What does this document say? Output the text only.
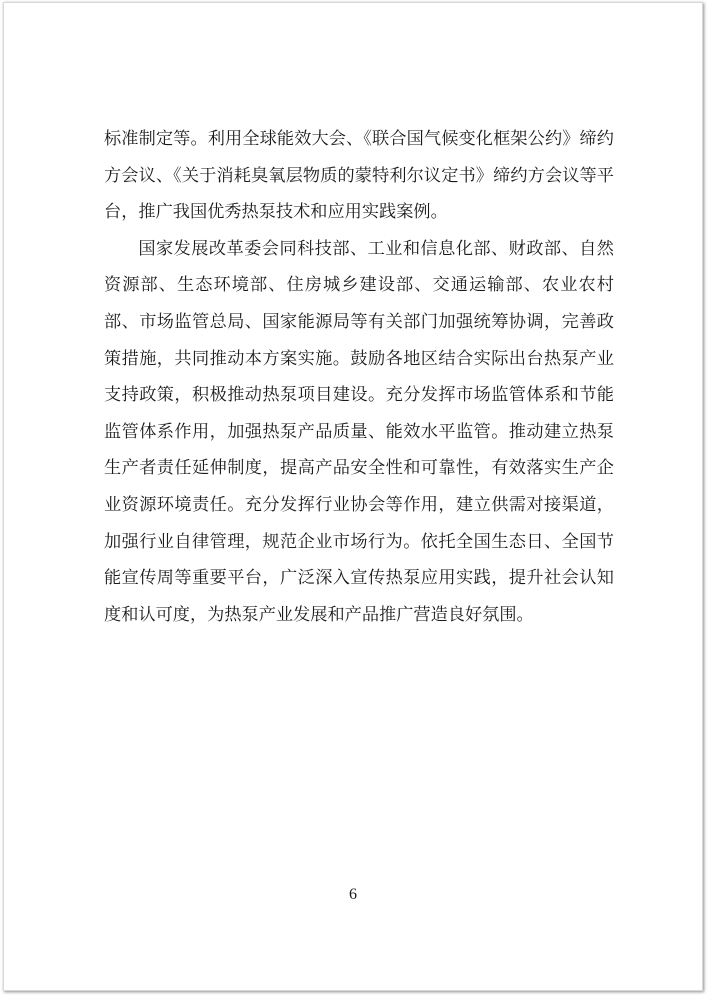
标准制定等。利用全球能效大会、《联合国气候变化框架公约》缔约方会议、《关于消耗臭氧层物质的蒙特利尔议定书》缔约方会议等平台，推广我国优秀热泵技术和应用实践案例。

国家发展改革委会同科技部、工业和信息化部、财政部、自然资源部、生态环境部、住房城乡建设部、交通运输部、农业农村部、市场监管总局、国家能源局等有关部门加强统筹协调，完善政策措施，共同推动本方案实施。鼓励各地区结合实际出台热泵产业支持政策，积极推动热泵项目建设。充分发挥市场监管体系和节能监管体系作用，加强热泵产品质量、能效水平监管。推动建立热泵生产者责任延伸制度，提高产品安全性和可靠性，有效落实生产企业资源环境责任。充分发挥行业协会等作用，建立供需对接渠道，加强行业自律管理，规范企业市场行为。依托全国生态日、全国节能宣传周等重要平台，广泛深入宣传热泵应用实践，提升社会认知度和认可度，为热泵产业发展和产品推广营造良好氛围。

6
